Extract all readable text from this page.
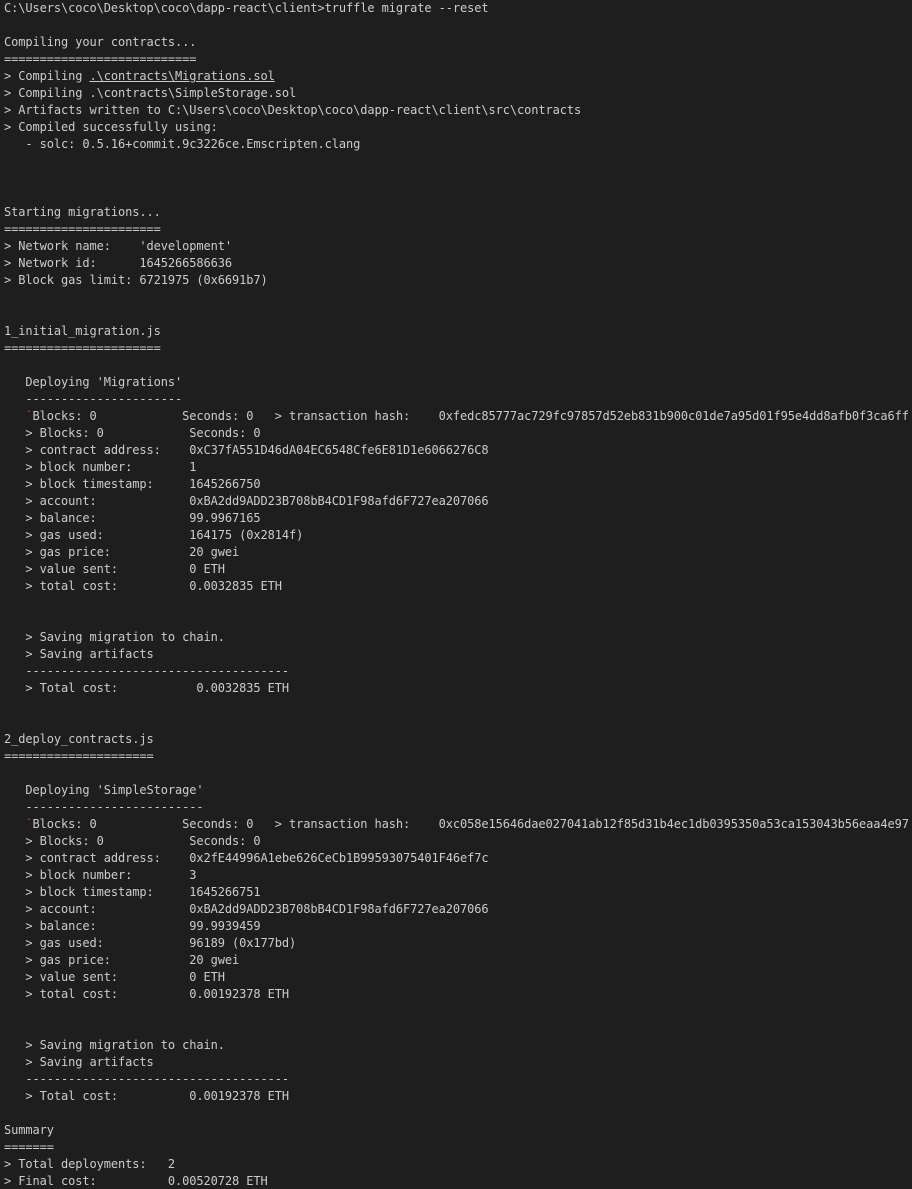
C:\Users\coco\Desktop\coco\dapp-react\client>truffle migrate --reset
Compiling your contracts...
===========================
> Compiling .\contracts\Migrations.sol
> Compiling .\contracts\SimpleStorage.sol
> Artifacts written to C:\Users\coco\Desktop\coco\dapp-react\client\src\contracts
> Compiled successfully using:
- solc: 0.5.16+commit.9c3226ce.Emscripten.clang
Starting migrations...
======================
> Network name:    'development'
> Network id:      1645266586636
> Block gas limit: 6721975 (0x6691b7)
1_initial_migration.js
======================
Deploying 'Migrations'
----------------------
˙Blocks: 0            Seconds: 0   > transaction hash:    0xfedc85777ac729fc97857d52eb831b900c01de7a95d01f95e4dd8afb0f3ca6ff
> Blocks: 0            Seconds: 0
> contract address:    0xC37fA551D46dA04EC6548Cfe6E81D1e6066276C8
> block number:        1
> block timestamp:     1645266750
> account:             0xBA2dd9ADD23B708bB4CD1F98afd6F727ea207066
> balance:             99.9967165
> gas used:            164175 (0x2814f)
> gas price:           20 gwei
> value sent:          0 ETH
> total cost:          0.0032835 ETH
> Saving migration to chain.
> Saving artifacts
-------------------------------------
> Total cost:           0.0032835 ETH
2_deploy_contracts.js
=====================
Deploying 'SimpleStorage'
-------------------------
˙Blocks: 0            Seconds: 0   > transaction hash:    0xc058e15646dae027041ab12f85d31b4ec1db0395350a53ca153043b56eaa4e97
> Blocks: 0            Seconds: 0
> contract address:    0x2fE44996A1ebe626CeCb1B99593075401F46ef7c
> block number:        3
> block timestamp:     1645266751
> account:             0xBA2dd9ADD23B708bB4CD1F98afd6F727ea207066
> balance:             99.9939459
> gas used:            96189 (0x177bd)
> gas price:           20 gwei
> value sent:          0 ETH
> total cost:          0.00192378 ETH
> Saving migration to chain.
> Saving artifacts
-------------------------------------
> Total cost:          0.00192378 ETH
Summary
=======
> Total deployments:   2
> Final cost:          0.00520728 ETH
